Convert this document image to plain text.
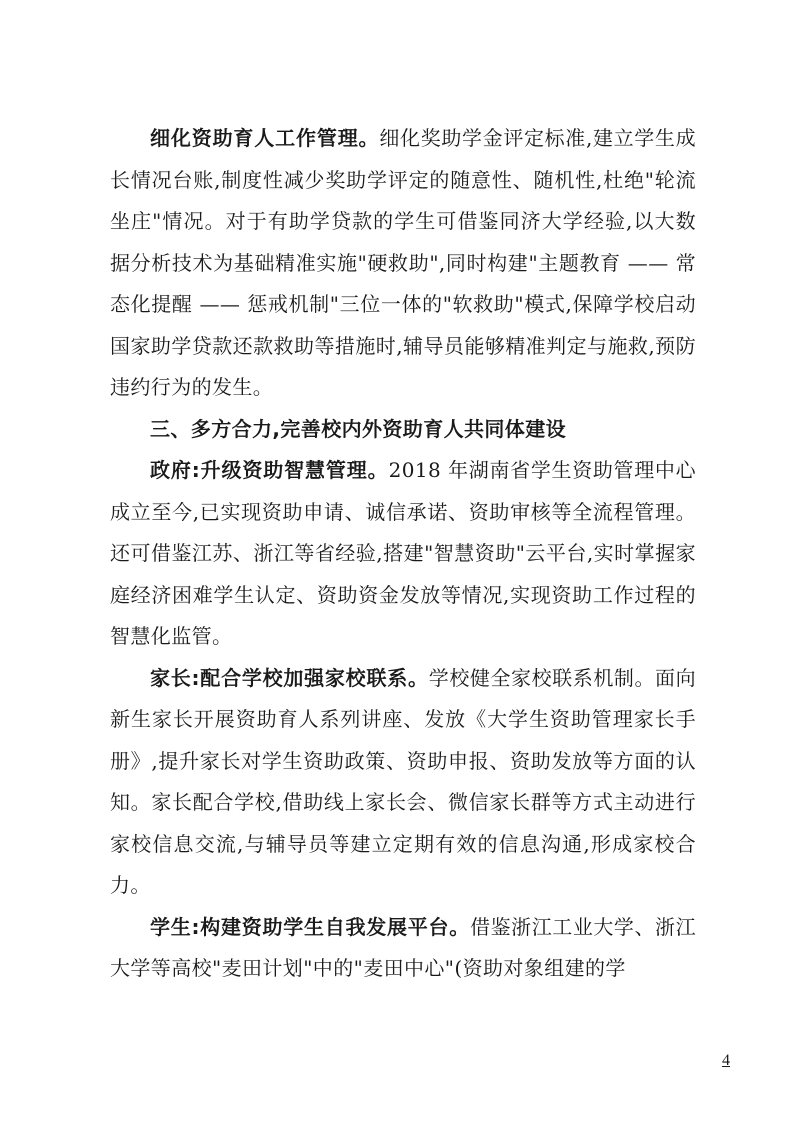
细化资助育人工作管理。细化奖助学金评定标准,建立学生成长情况台账,制度性减少奖助学评定的随意性、随机性,杜绝"轮流坐庄"情况。对于有助学贷款的学生可借鉴同济大学经验,以大数据分析技术为基础精准实施"硬救助",同时构建"主题教育 —— 常态化提醒 —— 惩戒机制"三位一体的"软救助"模式,保障学校启动国家助学贷款还款救助等措施时,辅导员能够精准判定与施救,预防违约行为的发生。

三、多方合力,完善校内外资助育人共同体建设

政府:升级资助智慧管理。2018 年湖南省学生资助管理中心成立至今,已实现资助申请、诚信承诺、资助审核等全流程管理。还可借鉴江苏、浙江等省经验,搭建"智慧资助"云平台,实时掌握家庭经济困难学生认定、资助资金发放等情况,实现资助工作过程的智慧化监管。

家长:配合学校加强家校联系。学校健全家校联系机制。面向新生家长开展资助育人系列讲座、发放《大学生资助管理家长手册》,提升家长对学生资助政策、资助申报、资助发放等方面的认知。家长配合学校,借助线上家长会、微信家长群等方式主动进行家校信息交流,与辅导员等建立定期有效的信息沟通,形成家校合力。

学生:构建资助学生自我发展平台。借鉴浙江工业大学、浙江大学等高校"麦田计划"中的"麦田中心"(资助对象组建的学

4
